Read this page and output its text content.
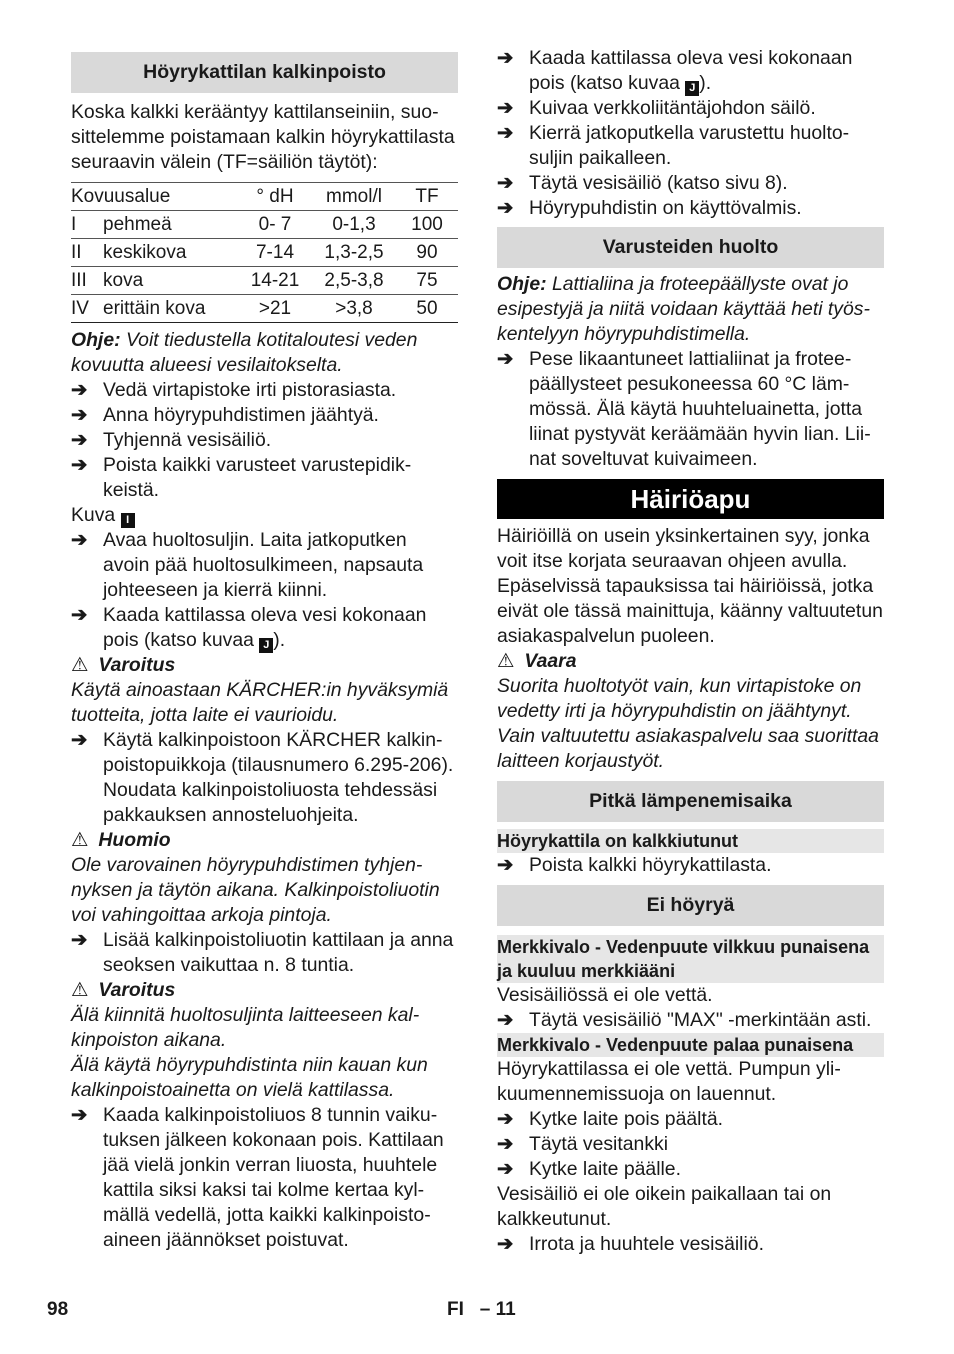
Höyrykattilan kalkinpoisto

Koska kalkki kerääntyy kattilanseiniin, suosittelemme poistamaan kalkin höyrykattilasta seuraavin välein (TF=säiliön täytöt):

Kovuusalue		° dH	mmol/l	TF
I	pehmeä	0- 7	0-1,3	100
II	keskikova	7-14	1,3-2,5	90
III	kova	14-21	2,5-3,8	75
IV	erittäin kova	>21	>3,8	50

Ohje: Voit tiedustella kotitaloutesi veden kovuutta alueesi vesilaitokselta.

➔ Vedä virtapistoke irti pistorasiasta.
➔ Anna höyrypuhdistimen jäähtyä.
➔ Tyhjennä vesisäiliö.
➔ Poista kaikki varusteet varustepidikkeistä.

Kuva I

➔ Avaa huoltosuljin. Laita jatkoputken avoin pää huoltosulkimeen, napsauta johteeseen ja kierrä kiinni.
➔ Kaada kattilassa oleva vesi kokonaan pois (katso kuvaa J ).

⚠ Varoitus

Käytä ainoastaan KÄRCHER:in hyväksymiä tuotteita, jotta laite ei vaurioidu.

➔ Käytä kalkinpoistoon KÄRCHER kalkinpoistopuikkoja (tilausnumero 6.295-206). Noudata kalkinpoistoliuosta tehdessäsi pakkauksen annosteluohjeita.

⚠ Huomio

Ole varovainen höyrypuhdistimen tyhjennyksen ja täytön aikana. Kalkinpoistoliuotin voi vahingoittaa arkoja pintoja.

➔ Lisää kalkinpoistoliuotin kattilaan ja anna seoksen vaikuttaa n. 8 tuntia.

⚠ Varoitus

Älä kiinnitä huoltosuljinta laitteeseen kalkinpoiston aikana.

Älä käytä höyrypuhdistinta niin kauan kun kalkinpoistoainetta on vielä kattilassa.

➔ Kaada kalkinpoistoliuos 8 tunnin vaikutuksen jälkeen kokonaan pois. Kattilaan jää vielä jonkin verran liuosta, huuhtele kattila siksi kaksi tai kolme kertaa kylmällä vedellä, jotta kaikki kalkinpoistoaineen jäännökset poistuvat.
➔ Kaada kattilassa oleva vesi kokonaan pois (katso kuvaa J ).
➔ Kuivaa verkkoliitäntäjohdon säilö.
➔ Kierrä jatkoputkella varustettu huoltosuljin paikalleen.
➔ Täytä vesisäiliö (katso sivu 8).
➔ Höyrypuhdistin on käyttövalmis.
Varusteiden huolto

Ohje: Lattialiina ja froteepäällyste ovat jo esipestyjä ja niitä voidaan käyttää heti työskentelyyn höyrypuhdistimella.

➔ Pese likaantuneet lattialiinat ja froteepäällysteet pesukoneessa 60 °C lämmössä. Älä käytä huuhteluainetta, jotta liinat pystyvät keräämään hyvin lian. Liinat soveltuvat kuivaimeen.
Häiriöapu

Häiriöillä on usein yksinkertainen syy, jonka voit itse korjata seuraavan ohjeen avulla. Epäselvissä tapauksissa tai häiriöissä, jotka eivät ole tässä mainittuja, käänny valtuutetun asiakaspalvelun puoleen.

⚠ Vaara

Suorita huoltotyöt vain, kun virtapistoke on vedetty irti ja höyrypuhdistin on jäähtynyt. Vain valtuutettu asiakaspalvelu saa suorittaa laitteen korjaustyöt.

Pitkä lämpenemisaika
Höyrykattila on kalkkiutunut
➔ Poista kalkki höyrykattilasta.
Ei höyryä
Merkkivalo - Vedenpuute vilkkuu punaisena ja kuuluu merkkiääni

Vesisäiliössä ei ole vettä.

➔ Täytä vesisäiliö "MAX" -merkintään asti.
Merkkivalo - Vedenpuute palaa punaisena

Höyrykattilassa ei ole vettä. Pumpun ylikuumennemissuoja on lauennut.

➔ Kytke laite pois päältä.
➔ Täytä vesitankki
➔ Kytke laite päälle.

Vesisäiliö ei ole oikein paikallaan tai on kalkkeutunut.

➔ Irrota ja huuhtele vesisäiliö.
98	FI   – 11
